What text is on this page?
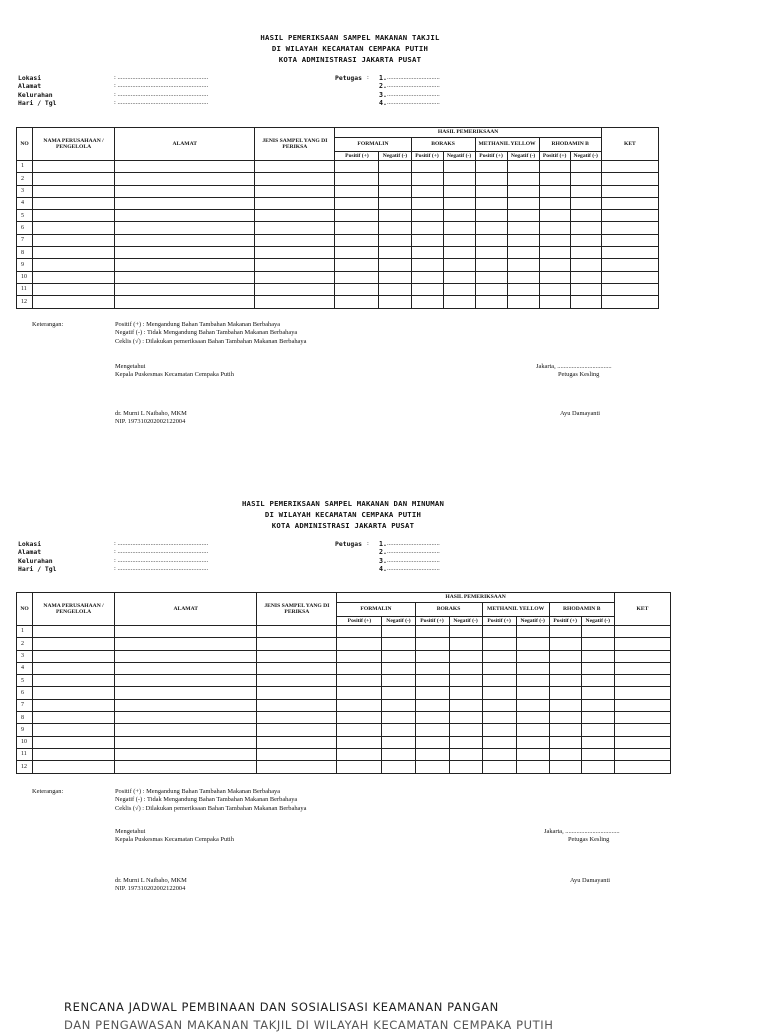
HASIL PEMERIKSAAN SAMPEL MAKANAN TAKJIL
DI WILAYAH KECAMATAN CEMPAKA PUTIH
KOTA ADMINISTRASI JAKARTA PUSAT
Lokasi	: .......................................................
Alamat	: .......................................................
Kelurahan	: .......................................................
Hari / Tgl	: .......................................................
Petugas :	1. ................................
2. ................................
3. ................................
4. ................................
NO	NAMA PERUSAHAAN / PENGELOLA	ALAMAT	JENIS SAMPEL YANG DI PERIKSA	HASIL PEMERIKSAAN								KET
				FORMALIN		BORAKS		METHANIL YELLOW		RHODAMIN B		
				Positif (+)	Negatif (-)	Positif (+)	Negatif (-)	Positif (+)	Negatif (-)	Positif (+)	Negatif (-)	
1												
2												
3												
4												
5												
6												
7												
8												
9												
10												
11												
12												
Keterangan:	Positif (+) : Mengandung Bahan Tambahan Makanan Berbahaya
Negatif (-) : Tidak Mengandung Bahan Tambahan Makanan Berbahaya
Ceklis (√) : Dilakukan pemeriksaan Bahan Tambahan Makanan Berbahaya
Mengetahui
Kepala Puskesmas Kecamatan Cempaka Putih
dr. Murni L Naibaho, MKM
NIP. 197310202002122004
Jakarta, ..................................
Petugas Kesling
Ayu Damayanti
HASIL PEMERIKSAAN SAMPEL MAKANAN DAN MINUMAN
DI WILAYAH KECAMATAN CEMPAKA PUTIH
KOTA ADMINISTRASI JAKARTA PUSAT
Lokasi	: .......................................................
Alamat	: .......................................................
Kelurahan	: .......................................................
Hari / Tgl	: .......................................................
Petugas :	1. ................................
2. ................................
3. ................................
4. ................................
NO	NAMA PERUSAHAAN / PENGELOLA	ALAMAT	JENIS SAMPEL YANG DI PERIKSA	HASIL PEMERIKSAAN								KET
				FORMALIN		BORAKS		METHANIL YELLOW		RHODAMIN B		
				Positif (+)	Negatif (-)	Positif (+)	Negatif (-)	Positif (+)	Negatif (-)	Positif (+)	Negatif (-)	
1												
2												
3												
4												
5												
6												
7												
8												
9												
10												
11												
12												
Keterangan:	Positif (+) : Mengandung Bahan Tambahan Makanan Berbahaya
Negatif (-) : Tidak Mengandung Bahan Tambahan Makanan Berbahaya
Ceklis (√) : Dilakukan pemeriksaan Bahan Tambahan Makanan Berbahaya
Mengetahui
Kepala Puskesmas Kecamatan Cempaka Putih
dr. Murni L Naibaho, MKM
NIP. 197310202002122004
Jakarta, ..................................
Petugas Kesling
Ayu Damayanti
RENCANA JADWAL PEMBINAAN DAN SOSIALISASI KEAMANAN PANGAN
DAN PENGAWASAN MAKANAN TAKJIL DI WILAYAH KECAMATAN CEMPAKA PUTIH
